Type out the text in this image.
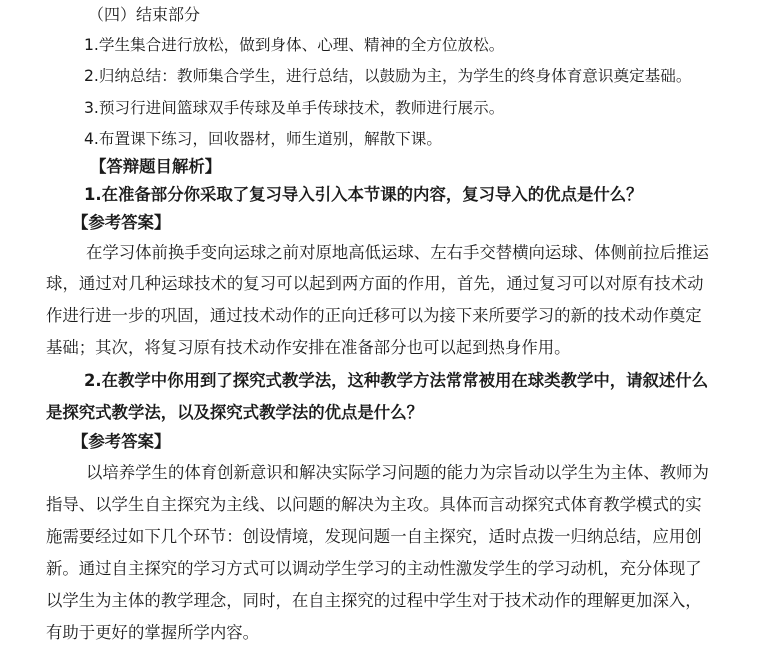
（四）结束部分
1.学生集合进行放松，做到身体、心理、精神的全方位放松。
2.归纳总结：教师集合学生，进行总结，以鼓励为主，为学生的终身体育意识奠定基础。
3.预习行进间篮球双手传球及单手传球技术，教师进行展示。
4.布置课下练习，回收器材，师生道别，解散下课。
【答辩题目解析】
1.在准备部分你采取了复习导入引入本节课的内容，复习导入的优点是什么？
【参考答案】
在学习体前换手变向运球之前对原地高低运球、左右手交替横向运球、体侧前拉后推运
球，通过对几种运球技术的复习可以起到两方面的作用，首先，通过复习可以对原有技术动
作进行进一步的巩固，通过技术动作的正向迁移可以为接下来所要学习的新的技术动作奠定
基础；其次，将复习原有技术动作安排在准备部分也可以起到热身作用。
2.在教学中你用到了探究式教学法，这种教学方法常常被用在球类教学中，请叙述什么
是探究式教学法，以及探究式教学法的优点是什么？
【参考答案】
以培养学生的体育创新意识和解决实际学习问题的能力为宗旨动以学生为主体、教师为
指导、以学生自主探究为主线、以问题的解决为主攻。具体而言动探究式体育教学模式的实
施需要经过如下几个环节：创设情境，发现问题一自主探究，适时点拨一归纳总结，应用创
新。通过自主探究的学习方式可以调动学生学习的主动性激发学生的学习动机，充分体现了
以学生为主体的教学理念，同时，在自主探究的过程中学生对于技术动作的理解更加深入，
有助于更好的掌握所学内容。
